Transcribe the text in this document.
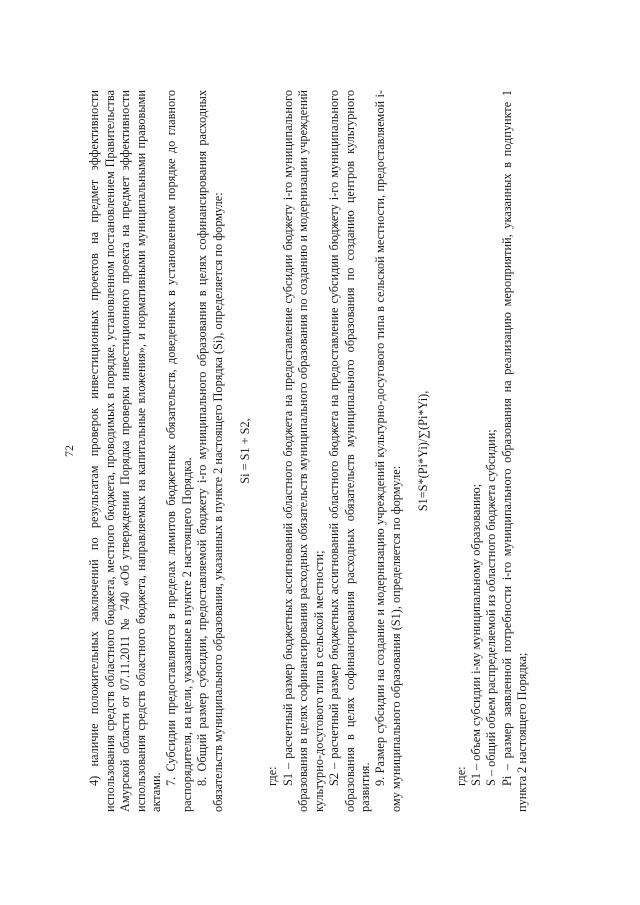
72 4) наличие положительных заключений по результатам проверок инвестиционных проектов на предмет эффективности использования средств областного бюджета, местного бюджета, проводимых в порядке, установленном постановлением Правительства Амурской области от 07.11.2011 № 740 «Об утверждении Порядка проверки инвестиционного проекта на предмет эффективности использования средств областного бюджета, направляемых на капитальные вложения», и нормативными муниципальными правовыми актами.

7. Субсидии предоставляются в пределах лимитов бюджетных обязательств, доведенных в установленном порядке до главного распорядителя, на цели, указанные в пункте 2 настоящего Порядка. 8. Общий размер субсидии, предоставляемой бюджету i-го муниципального образования в целях софинансирования расходных обязательств муниципального образования, указанных в пункте 2 настоящего Порядка (Si), определяется по формуле: Si = S1 + S2,

где: S1 – расчетный размер бюджетных ассигнований областного бюджета на предоставление субсидии бюджету i-го муниципального образования в целях софинансирования расходных обязательств муниципального образования по созданию и модернизации учреждений культурно-досугового типа в сельской местности; S2 – расчетный размер бюджетных ассигнований областного бюджета на предоставление субсидии бюджету i-го муниципального образования в целях софинансирования расходных обязательств муниципального образования по созданию центров культурного развития.

9. Размер субсидии на создание и модернизацию учреждений культурно-досугового типа в сельской местности, предоставляемой i-ому муниципального образования (S1), определяется по формуле:

S1=S*(Pi*Yi)/∑(Pi*Yi),

где: S1 – объем субсидии i-му муниципальному образованию; S – общий объем распределяемой из областного бюджета субсидии; Pi – размер заявленной потребности i-го муниципального образования на реализацию мероприятий, указанных в подпункте 1 пункта 2 настоящего Порядка;
